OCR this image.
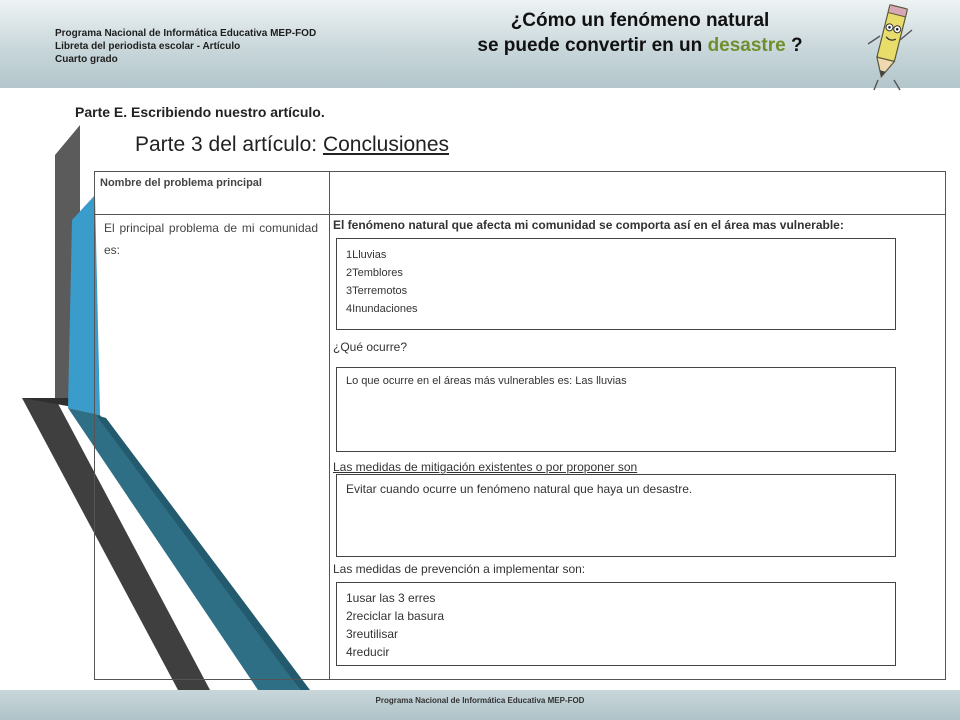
Programa Nacional de Informática Educativa MEP-FOD
Libreta del periodista escolar - Artículo
Cuarto grado
¿Cómo un fenómeno natural
se puede convertir en un desastre ?
Parte E. Escribiendo nuestro artículo.
Parte 3 del artículo: Conclusiones
Nombre del problema principal
El principal problema de mi comunidad es:
El fenómeno natural que afecta mi comunidad se comporta así en el área mas vulnerable:
1Lluvias
2Temblores
3Terremotos
4Inundaciones
¿Qué ocurre?
Lo que ocurre en el áreas más vulnerables es: Las lluvias
Las medidas de mitigación existentes o por proponer son
Evitar cuando ocurre un fenómeno natural que haya un desastre.
Las medidas de prevención a implementar son:
1usar las 3 erres
2reciclar la basura
3reutilisar
4reducir
Programa Nacional de Informática Educativa MEP-FOD
